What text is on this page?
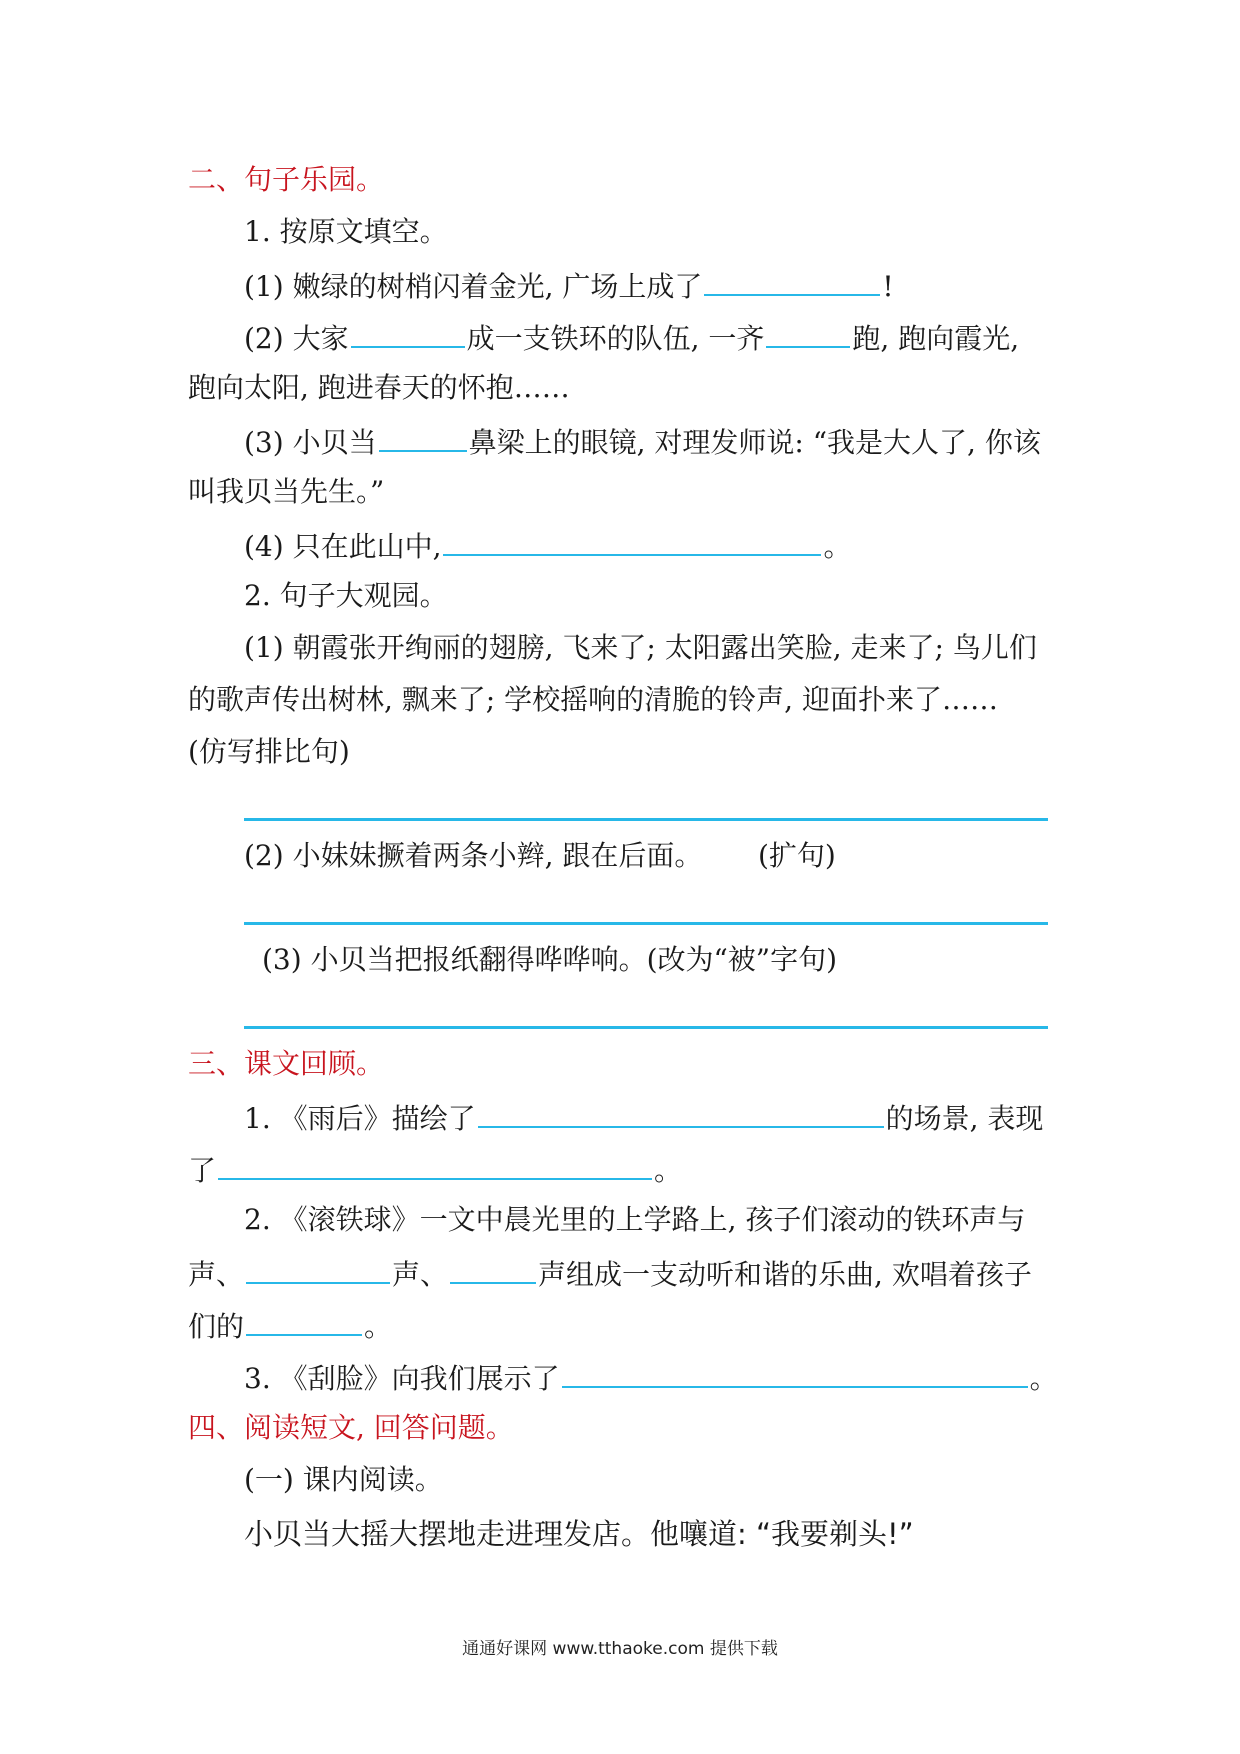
二、句子乐园。
1. 按原文填空。
(1) 嫩绿的树梢闪着金光, 广场上成了	!
(2) 大家	成一支铁环的队伍, 一齐	跑, 跑向霞光,
跑向太阳, 跑进春天的怀抱……
(3) 小贝当	鼻梁上的眼镜, 对理发师说: “我是大人了, 你该
叫我贝当先生。”
(4) 只在此山中,	。
2. 句子大观园。
(1) 朝霞张开绚丽的翅膀, 飞来了; 太阳露出笑脸, 走来了; 鸟儿们
的歌声传出树林, 飘来了; 学校摇响的清脆的铃声, 迎面扑来了……
(仿写排比句)
(2) 小妹妹撅着两条小辫, 跟在后面。 (扩句)
(3) 小贝当把报纸翻得哗哗响。(改为“被”字句)
三、课文回顾。
1. 《雨后》描绘了	的场景, 表现
了	。
2. 《滚铁球》一文中晨光里的上学路上, 孩子们滚动的铁环声与
声、	声、	声组成一支动听和谐的乐曲, 欢唱着孩子
们的	。
3. 《刮脸》向我们展示了	。
四、阅读短文, 回答问题。
(一) 课内阅读。
小贝当大摇大摆地走进理发店。他嚷道: “我要剃头!”
通通好课网 www.tthaoke.com 提供下载
